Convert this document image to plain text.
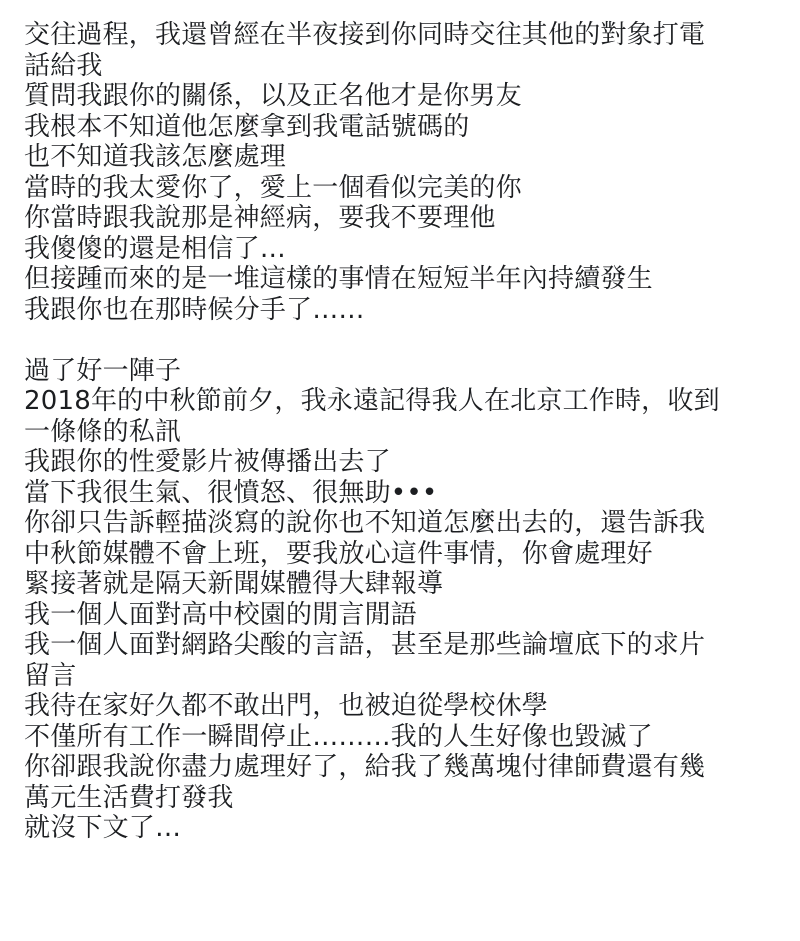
交往過程，我還曾經在半夜接到你同時交往其他的對象打電
話給我
質問我跟你的關係，以及正名他才是你男友
我根本不知道他怎麼拿到我電話號碼的
也不知道我該怎麼處理
當時的我太愛你了，愛上一個看似完美的你
你當時跟我說那是神經病，要我不要理他
我傻傻的還是相信了…
但接踵而來的是一堆這樣的事情在短短半年內持續發生
我跟你也在那時候分手了……
過了好一陣子
2018年的中秋節前夕，我永遠記得我人在北京工作時，收到
一條條的私訊
我跟你的性愛影片被傳播出去了
當下我很生氣、很憤怒、很無助•••
你卻只告訴輕描淡寫的說你也不知道怎麼出去的，還告訴我
中秋節媒體不會上班，要我放心這件事情，你會處理好
緊接著就是隔天新聞媒體得大肆報導
我一個人面對高中校園的閒言閒語
我一個人面對網路尖酸的言語，甚至是那些論壇底下的求片
留言
我待在家好久都不敢出門，也被迫從學校休學
不僅所有工作一瞬間停止………我的人生好像也毀滅了
你卻跟我說你盡力處理好了，給我了幾萬塊付律師費還有幾
萬元生活費打發我
就沒下文了…
